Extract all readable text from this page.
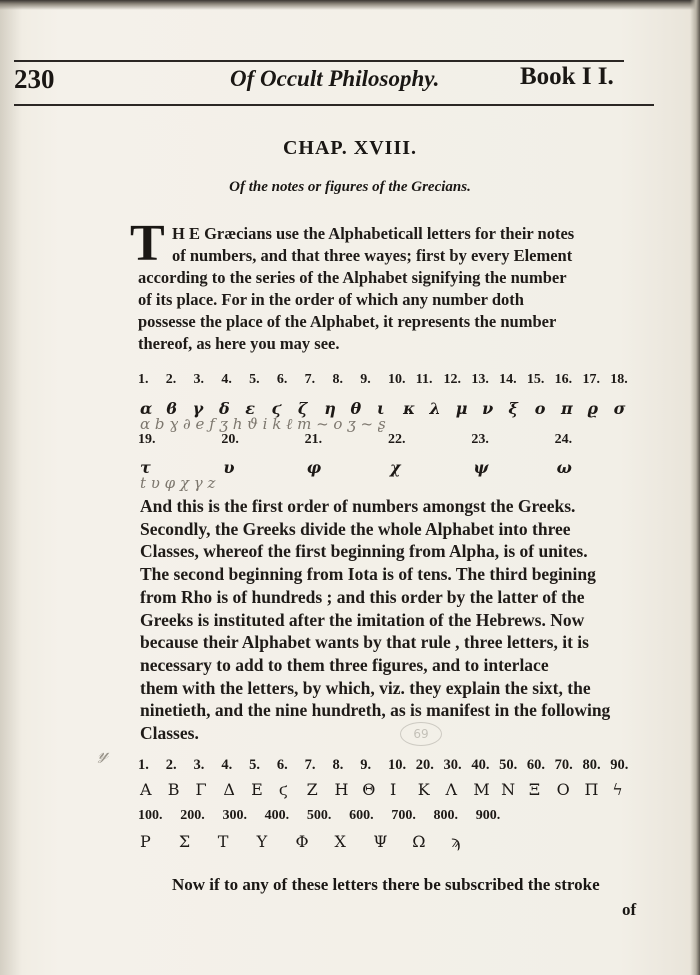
230	Of Occult Philosophy.	Book I I.
CHAP. XVIII.
Of the notes or figures of the Grecians.
T H E Græcians use the Alphabeticall letters for their notes
of numbers, and that three wayes; first by every Element
according to the series of the Alphabet signifying the number
of its place. For in the order of which any number doth
possesse the place of the Alphabet, it represents the number
thereof, as here you may see.
1. 2. 3. 4. 5. 6. 7. 8. 9. 10. 11. 12. 13. 14. 15. 16. 17. 18.
α ϐ γ δ ε ϛ ζ η θ ι κ λ μ ν ξ ο π ϱ σ
α b ɣ ∂ e ƒ ʒ h ϑ i k ℓ m ~ ο ʒ ~ ʂ
19.	20.	21.	22.	23.	24.
τ	υ	φ	χ	ψ	ω
t υ φ χ γ z
And this is the first order of numbers amongst the Greeks.
Secondly, the Greeks divide the whole Alphabet into three
Classes, whereof the first beginning from Alpha, is of unites.
The second beginning from Iota is of tens. The third begining
from Rho is of hundreds ; and this order by the latter of the
Greeks is instituted after the imitation of the Hebrews. Now
because their Alphabet wants by that rule , three letters, it is
necessary to add to them three figures, and to interlace
them with the letters, by which, viz. they explain the sixt, the
ninetieth, and the nine hundreth, as is manifest in the following
Classes.	69
𝓎
1. 2. 3. 4. 5. 6. 7. 8. 9. 10. 20. 30. 40. 50. 60. 70. 80. 90.
Α Β Γ Δ Ε ϛ Ζ Η Θ Ι Κ Λ Μ Ν Ξ Ο Π ϟ
100. 200. 300. 400. 500. 600. 700. 800. 900.
Ρ Σ Τ Υ Φ Χ Ψ Ω ϡ
Now if to any of these letters there be subscribed the stroke
of
